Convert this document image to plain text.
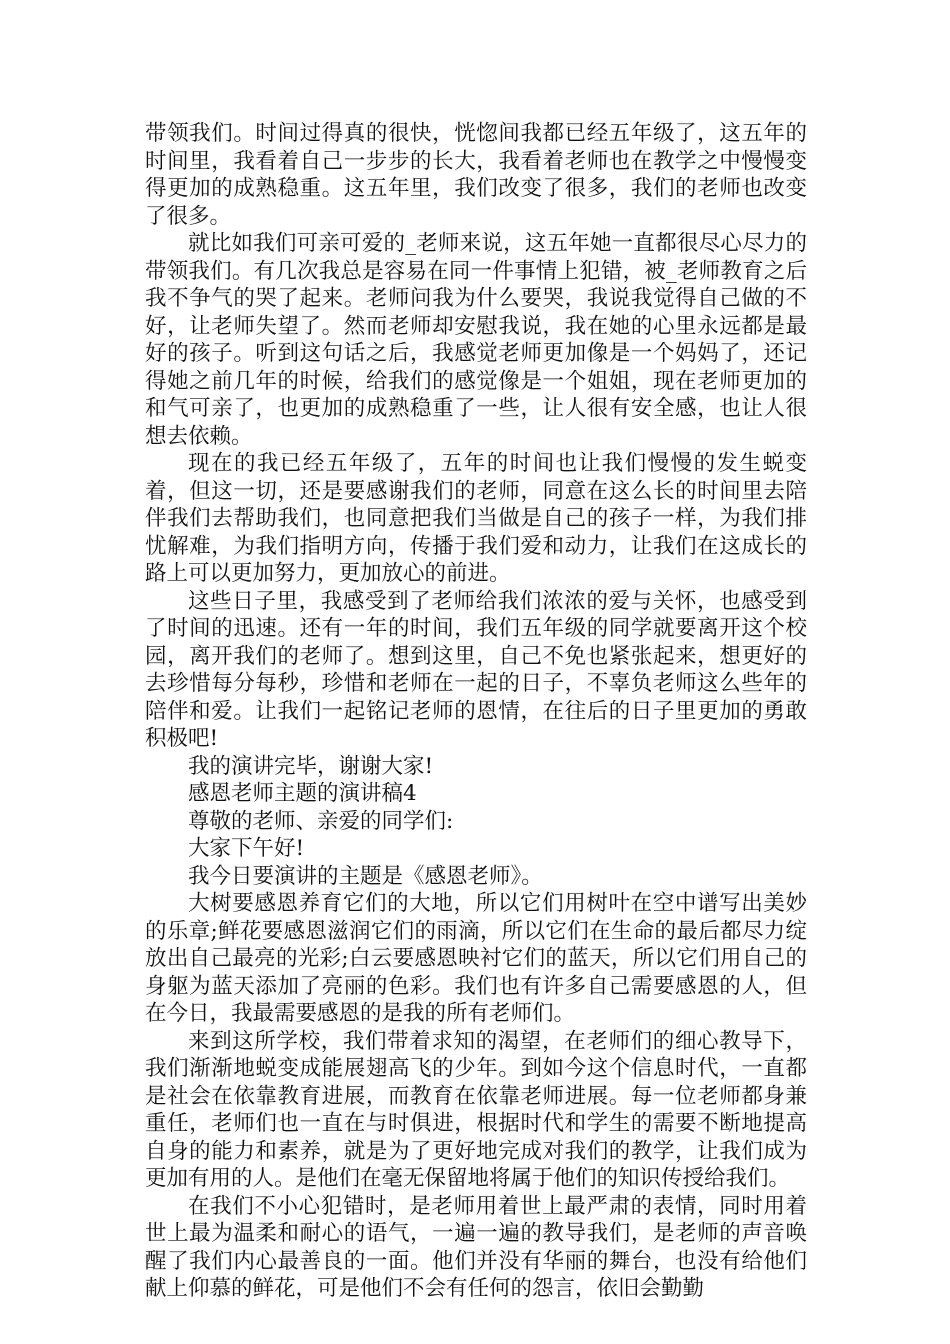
带领我们。时间过得真的很快，恍惚间我都已经五年级了，这五年的时间里，我看着自己一步步的长大，我看着老师也在教学之中慢慢变得更加的成熟稳重。这五年里，我们改变了很多，我们的老师也改变了很多。

就比如我们可亲可爱的_老师来说，这五年她一直都很尽心尽力的带领我们。有几次我总是容易在同一件事情上犯错，被_老师教育之后我不争气的哭了起来。老师问我为什么要哭，我说我觉得自己做的不好，让老师失望了。然而老师却安慰我说，我在她的心里永远都是最好的孩子。听到这句话之后，我感觉老师更加像是一个妈妈了，还记得她之前几年的时候，给我们的感觉像是一个姐姐，现在老师更加的和气可亲了，也更加的成熟稳重了一些，让人很有安全感，也让人很想去依赖。

现在的我已经五年级了，五年的时间也让我们慢慢的发生蜕变着，但这一切，还是要感谢我们的老师，同意在这么长的时间里去陪伴我们去帮助我们，也同意把我们当做是自己的孩子一样，为我们排忧解难，为我们指明方向，传播于我们爱和动力，让我们在这成长的路上可以更加努力，更加放心的前进。

这些日子里，我感受到了老师给我们浓浓的爱与关怀，也感受到了时间的迅速。还有一年的时间，我们五年级的同学就要离开这个校园，离开我们的老师了。想到这里，自己不免也紧张起来，想更好的去珍惜每分每秒，珍惜和老师在一起的日子，不辜负老师这么些年的陪伴和爱。让我们一起铭记老师的恩情，在往后的日子里更加的勇敢积极吧!

我的演讲完毕，谢谢大家!

感恩老师主题的演讲稿4

尊敬的老师、亲爱的同学们:

大家下午好!

我今日要演讲的主题是《感恩老师》。

大树要感恩养育它们的大地，所以它们用树叶在空中谱写出美妙的乐章;鲜花要感恩滋润它们的雨滴，所以它们在生命的最后都尽力绽放出自己最亮的光彩;白云要感恩映衬它们的蓝天，所以它们用自己的身躯为蓝天添加了亮丽的色彩。我们也有许多自己需要感恩的人，但在今日，我最需要感恩的是我的所有老师们。

来到这所学校，我们带着求知的渴望，在老师们的细心教导下，我们渐渐地蜕变成能展翅高飞的少年。到如今这个信息时代，一直都是社会在依靠教育进展，而教育在依靠老师进展。每一位老师都身兼重任，老师们也一直在与时俱进，根据时代和学生的需要不断地提高自身的能力和素养，就是为了更好地完成对我们的教学，让我们成为更加有用的人。是他们在毫无保留地将属于他们的知识传授给我们。

在我们不小心犯错时，是老师用着世上最严肃的表情，同时用着世上最为温柔和耐心的语气，一遍一遍的教导我们，是老师的声音唤醒了我们内心最善良的一面。他们并没有华丽的舞台，也没有给他们献上仰慕的鲜花，可是他们不会有任何的怨言，依旧会勤勤
